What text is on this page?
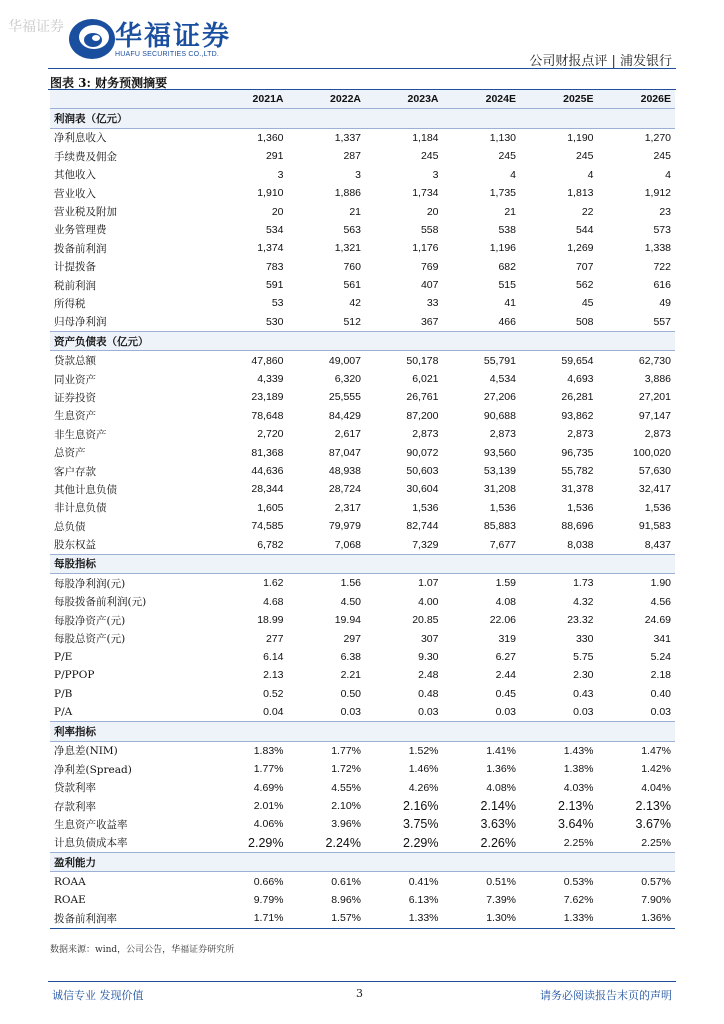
华福证券 华福证券
HUAFU SECURITIES CO.,LTD.	公司财报点评 | 浦发银行
图表 3: 财务预测摘要
	2021A	2022A	2023A	2024E	2025E	2026E
利润表（亿元）						
净利息收入	1,360	1,337	1,184	1,130	1,190	1,270
手续费及佣金	291	287	245	245	245	245
其他收入	3	3	3	4	4	4
营业收入	1,910	1,886	1,734	1,735	1,813	1,912
营业税及附加	20	21	20	21	22	23
业务管理费	534	563	558	538	544	573
拨备前利润	1,374	1,321	1,176	1,196	1,269	1,338
计提拨备	783	760	769	682	707	722
税前利润	591	561	407	515	562	616
所得税	53	42	33	41	45	49
归母净利润	530	512	367	466	508	557
资产负债表（亿元）						
贷款总额	47,860	49,007	50,178	55,791	59,654	62,730
同业资产	4,339	6,320	6,021	4,534	4,693	3,886
证券投资	23,189	25,555	26,761	27,206	26,281	27,201
生息资产	78,648	84,429	87,200	90,688	93,862	97,147
非生息资产	2,720	2,617	2,873	2,873	2,873	2,873
总资产	81,368	87,047	90,072	93,560	96,735	100,020
客户存款	44,636	48,938	50,603	53,139	55,782	57,630
其他计息负债	28,344	28,724	30,604	31,208	31,378	32,417
非计息负债	1,605	2,317	1,536	1,536	1,536	1,536
总负债	74,585	79,979	82,744	85,883	88,696	91,583
股东权益	6,782	7,068	7,329	7,677	8,038	8,437
每股指标						
每股净利润(元)	1.62	1.56	1.07	1.59	1.73	1.90
每股拨备前利润(元)	4.68	4.50	4.00	4.08	4.32	4.56
每股净资产(元)	18.99	19.94	20.85	22.06	23.32	24.69
每股总资产(元)	277	297	307	319	330	341
P/E	6.14	6.38	9.30	6.27	5.75	5.24
P/PPOP	2.13	2.21	2.48	2.44	2.30	2.18
P/B	0.52	0.50	0.48	0.45	0.43	0.40
P/A	0.04	0.03	0.03	0.03	0.03	0.03
利率指标						
净息差(NIM)	1.83%	1.77%	1.52%	1.41%	1.43%	1.47%
净利差(Spread)	1.77%	1.72%	1.46%	1.36%	1.38%	1.42%
贷款利率	4.69%	4.55%	4.26%	4.08%	4.03%	4.04%
存款利率	2.01%	2.10%	2.16%	2.14%	2.13%	2.13%
生息资产收益率	4.06%	3.96%	3.75%	3.63%	3.64%	3.67%
计息负债成本率	2.29%	2.24%	2.29%	2.26%	2.25%	2.25%
盈利能力						
ROAA	0.66%	0.61%	0.41%	0.51%	0.53%	0.57%
ROAE	9.79%	8.96%	6.13%	7.39%	7.62%	7.90%
拨备前利润率	1.71%	1.57%	1.33%	1.30%	1.33%	1.36%
数据来源：wind，公司公告，华福证券研究所
诚信专业 发现价值	3	请务必阅读报告末页的声明
